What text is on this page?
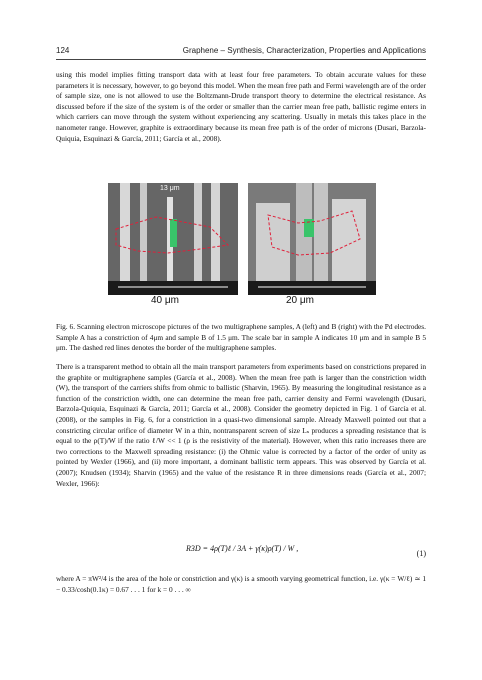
124	Graphene – Synthesis, Characterization, Properties and Applications

using this model implies fitting transport data with at least four free parameters. To obtain accurate values for these parameters it is necessary, however, to go beyond this model. When the mean free path and Fermi wavelength are of the order of sample size, one is not allowed to use the Boltzmann-Drude transport theory to determine the electrical resistance. As discussed before if the size of the system is of the order or smaller than the carrier mean free path, ballistic regime enters in which carriers can move through the system without experiencing any scattering. Usually in metals this takes place in the nanometer range. However, graphite is extraordinary because its mean free path is of the order of microns (Dusari, Barzola-Quiquia, Esquinazi & García, 2011; García et al., 2008).

13 μm
40 μm	20 μm

Fig. 6. Scanning electron microscope pictures of the two multigraphene samples, A (left) and B (right) with the Pd electrodes. Sample A has a constriction of 4μm and sample B of 1.5 μm. The scale bar in sample A indicates 10 μm and in sample B 5 μm. The dashed red lines denotes the border of the multigraphene samples.

There is a transparent method to obtain all the main transport parameters from experiments based on constrictions prepared in the graphite or multigraphene samples (García et al., 2008). When the mean free path is larger than the constriction width (W), the transport of the carriers shifts from ohmic to ballistic (Sharvin, 1965). By measuring the longitudinal resistance as a function of the constriction width, one can determine the mean free path, carrier density and Fermi wavelength (Dusari, Barzola-Quiquia, Esquinazi & García, 2011; García et al., 2008). Consider the geometry depicted in Fig. 1 of García et al. (2008), or the samples in Fig. 6, for a constriction in a quasi-two dimensional sample. Already Maxwell pointed out that a constricting circular orifice of diameter W in a thin, nontransparent screen of size Lₛ produces a spreading resistance that is equal to the ρ(T)/W if the ratio ℓ/W << 1 (ρ is the resistivity of the material). However, when this ratio increases there are two corrections to the Maxwell spreading resistance: (i) the Ohmic value is corrected by a factor of the order of unity as pointed by Wexler (1966), and (ii) more important, a dominant ballistic term appears. This was observed by García et al. (2007); Knudsen (1934); Sharvin (1965) and the value of the resistance R in three dimensions reads (García et al., 2007; Wexler, 1966):

R3D = 4ρ(T)ℓ / 3A + γ(κ)ρ(T) / W ,
(1)

where A = πW²/4 is the area of the hole or constriction and γ(κ) is a smooth varying geometrical function, i.e. γ(κ = W/ℓ) ≃ 1 − 0.33/cosh(0.1κ) = 0.67 . . . 1 for k = 0 . . . ∞
